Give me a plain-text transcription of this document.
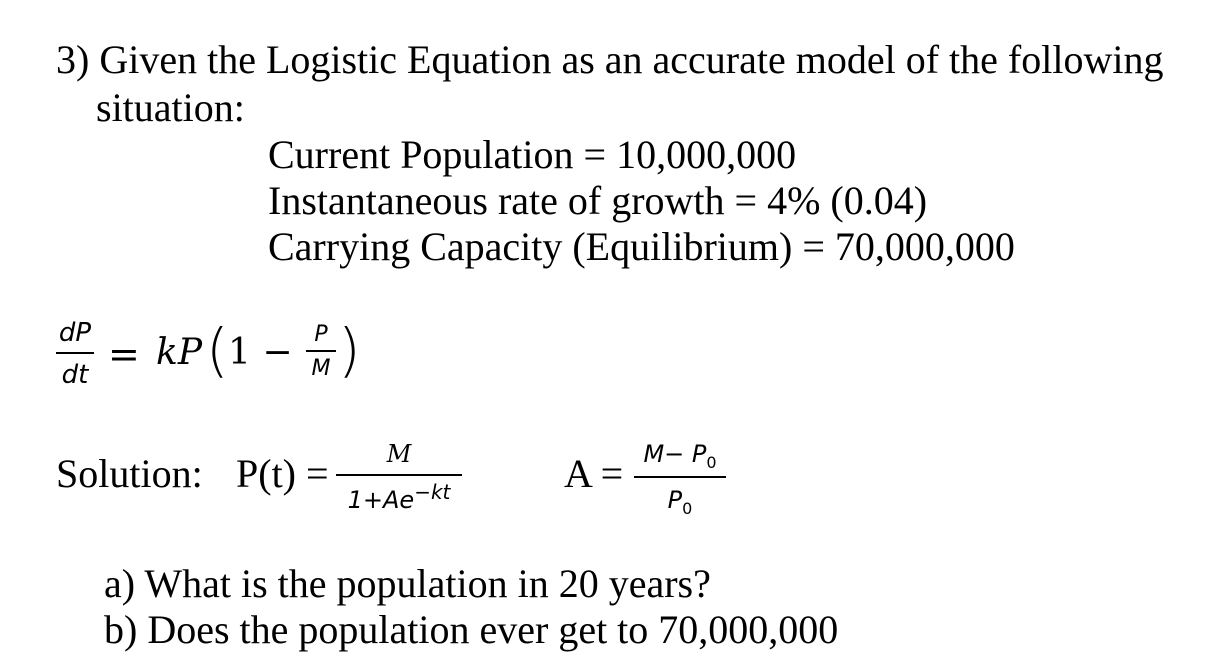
3) Given the Logistic Equation as an accurate model of the following
situation:
Current Population = 10,000,000
Instantaneous rate of growth = 4% (0.04)
Carrying Capacity (Equilibrium) = 70,000,000
dP
dt = kP ( 1 − P
M )
Solution: P(t) = M
$1+Ae^{-kt}$	$A = M- P_0$
$P_0$
a) What is the population in 20 years?
b) Does the population ever get to 70,000,000
